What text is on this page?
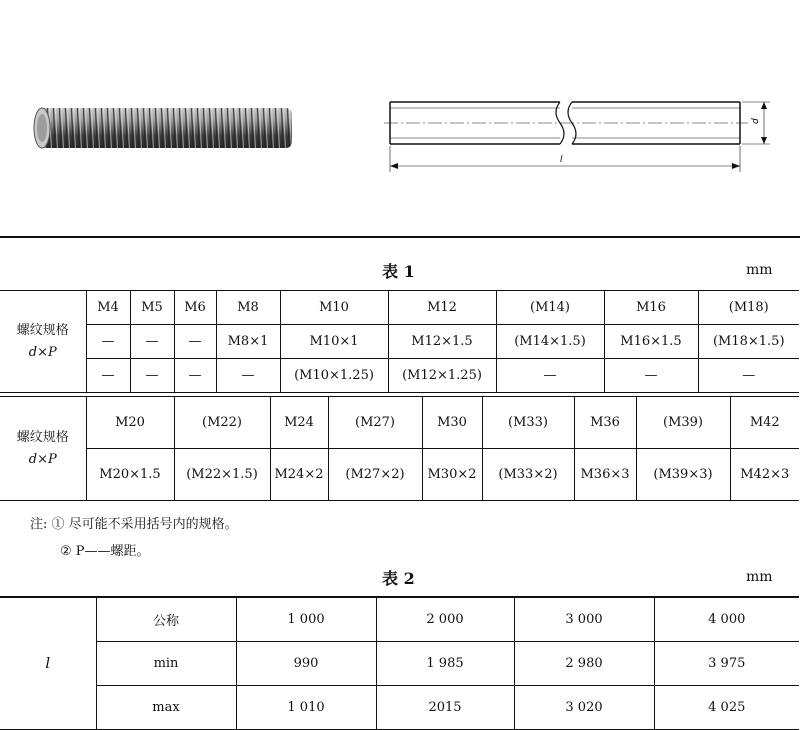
d
l
表 1	mm
螺纹规格
d×P	M4	M5	M6	M8	M10	M12	(M14)	M16	(M18)
	—	—	—	M8×1	M10×1	M12×1.5	(M14×1.5)	M16×1.5	(M18×1.5)
	—	—	—	—	(M10×1.25)	(M12×1.25)	—	—	—
螺纹规格
d×P	M20	(M22)	M24	(M27)	M30	(M33)	M36	(M39)	M42
	M20×1.5	(M22×1.5)	M24×2	(M27×2)	M30×2	(M33×2)	M36×3	(M39×3)	M42×3
注: ① 尽可能不采用括号内的规格。
② P——螺距。
表 2	mm
l	公称	1 000	2 000	3 000	4 000
	min	990	1 985	2 980	3 975
	max	1 010	2015	3 020	4 025
